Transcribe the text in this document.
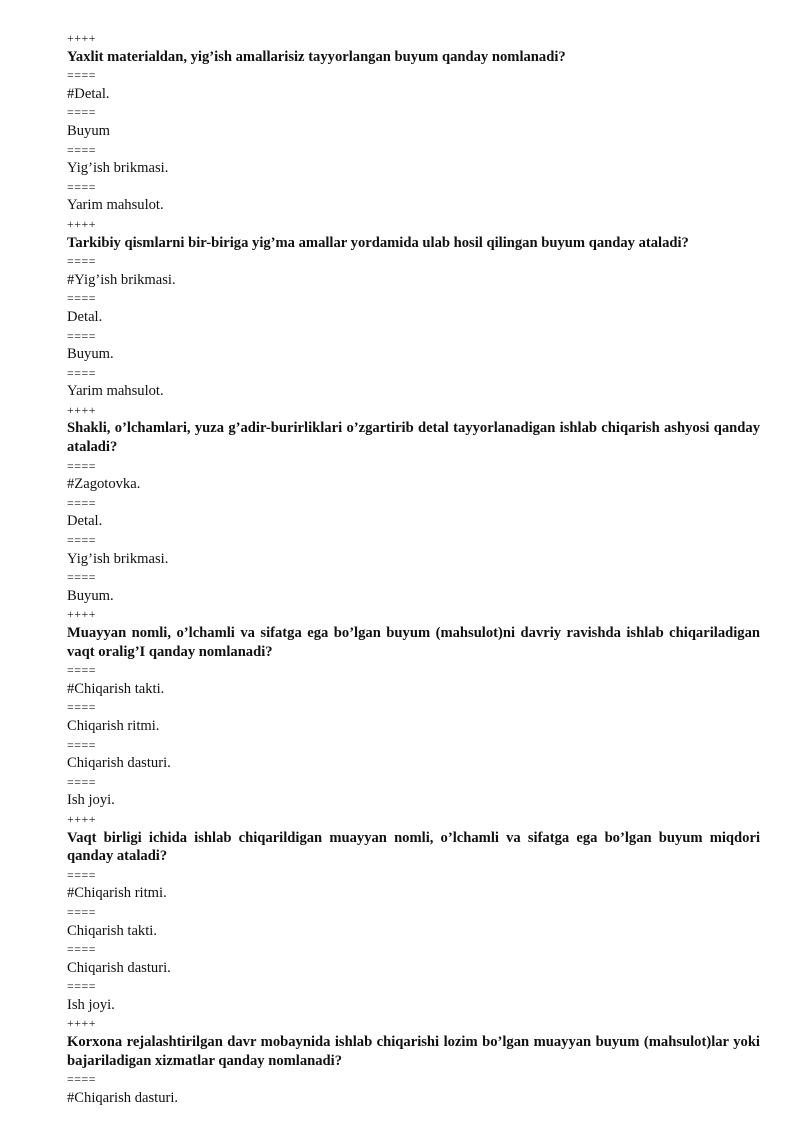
++++
Yaxlit materialdan, yig’ish amallarisiz tayyorlangan buyum qanday nomlanadi?
====
#Detal.
====
Buyum
====
Yig’ish brikmasi.
====
Yarim mahsulot.
++++
Tarkibiy qismlarni bir-biriga yig’ma amallar yordamida ulab hosil qilingan buyum qanday ataladi?
====
#Yig’ish brikmasi.
====
Detal.
====
Buyum.
====
Yarim mahsulot.
++++
Shakli, o’lchamlari, yuza g’adir-burirliklari o’zgartirib detal tayyorlanadigan ishlab chiqarish ashyosi qanday ataladi?
====
#Zagotovka.
====
Detal.
====
Yig’ish brikmasi.
====
Buyum.
++++
Muayyan nomli, o’lchamli va sifatga ega bo’lgan buyum (mahsulot)ni davriy ravishda ishlab chiqariladigan vaqt oralig’I qanday nomlanadi?
====
#Chiqarish takti.
====
Chiqarish ritmi.
====
Chiqarish dasturi.
====
Ish joyi.
++++
Vaqt birligi ichida ishlab chiqarildigan muayyan nomli, o’lchamli va sifatga ega bo’lgan buyum miqdori qanday ataladi?
====
#Chiqarish ritmi.
====
Chiqarish takti.
====
Chiqarish dasturi.
====
Ish joyi.
++++
Korxona rejalashtirilgan davr mobaynida ishlab chiqarishi lozim bo’lgan muayyan buyum (mahsulot)lar yoki bajariladigan xizmatlar qanday nomlanadi?
====
#Chiqarish dasturi.
